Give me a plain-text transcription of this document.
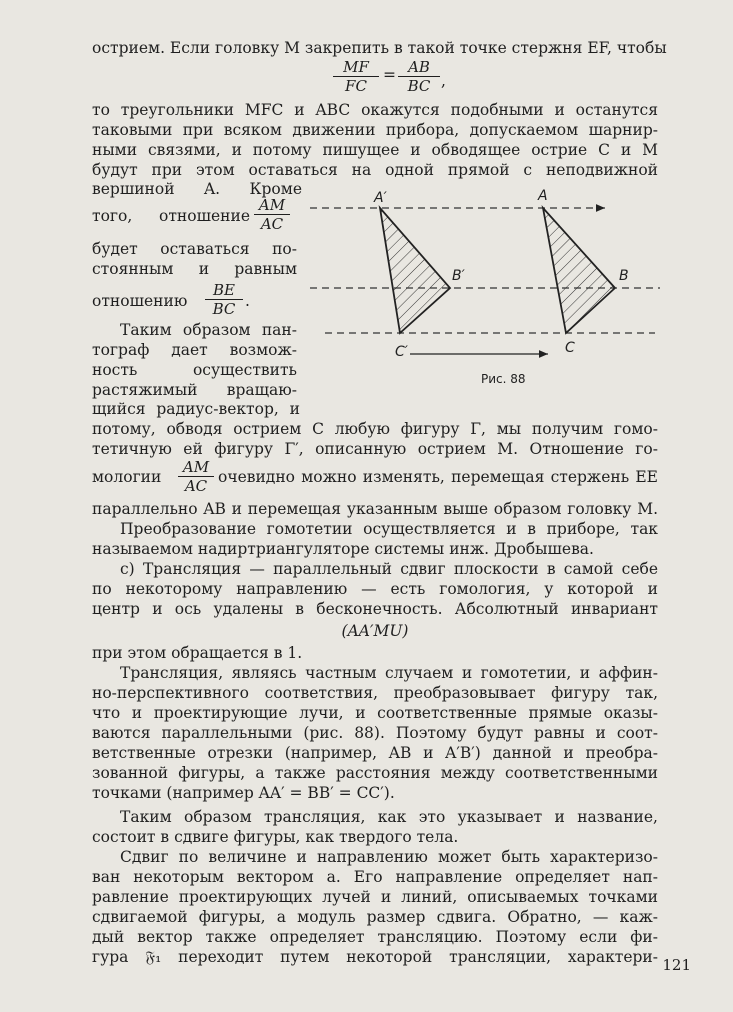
острием. Если головку M закрепить в такой точке стержня EF, чтобы
$\frac{MF}{FC} = \frac{AB}{BC}$ ,
то треугольники MFC и ABC окажутся подобными и останутся
таковыми при всяком движении прибора, допускаемом шарнир-
ными связями, и потому пишущее и обводящее острие C и M
будут при этом оставаться на одной прямой с неподвижной
вершиной A. Кроме
того, отношение $\frac{AM}{AC}$
будет оставаться по-
стоянным и равным
отношению $\frac{BE}{BC}$ .
Таким образом пан-
тограф дает возмож-
ность осуществить
растяжимый вращаю-
щийся радиус-вектор, и
A′	A
B′	B
C′	C
Рис. 88
потому, обводя острием C любую фигуру Γ, мы получим гомо-
тетичную ей фигуру Γ′, описанную острием M. Отношение го-
мологии $\frac{AM}{AC}$ очевидно можно изменять, перемещая стержень EE
параллельно AB и перемещая указанным выше образом головку M.
Преобразование гомотетии осуществляется и в приборе, так
называемом надиртриангуляторе системы инж. Дробышева.
c) Трансляция — параллельный сдвиг плоскости в самой себе
по некоторому направлению — есть гомология, у которой и
центр и ось удалены в бесконечность. Абсолютный инвариант
(AA′MU)
при этом обращается в 1.
Трансляция, являясь частным случаем и гомотетии, и аффин-
но-перспективного соответствия, преобразовывает фигуру так,
что и проектирующие лучи, и соответственные прямые оказы-
ваются параллельными (рис. 88). Поэтому будут равны и соот-
ветственные отрезки (например, AB и A′B′) данной и преобра-
зованной фигуры, а также расстояния между соответственными
точками (например AA′ = BB′ = CC′).
Таким образом трансляция, как это указывает и название,
состоит в сдвиге фигуры, как твердого тела.
Сдвиг по величине и направлению может быть характеризо-
ван некоторым вектором a. Его направление определяет нап-
равление проектирующих лучей и линий, описываемых точками
сдвигаемой фигуры, а модуль размер сдвига. Обратно, — каж-
дый вектор также определяет трансляцию. Поэтому если фи-
гура 𝔉₁ переходит путем некоторой трансляции, характери- 121
